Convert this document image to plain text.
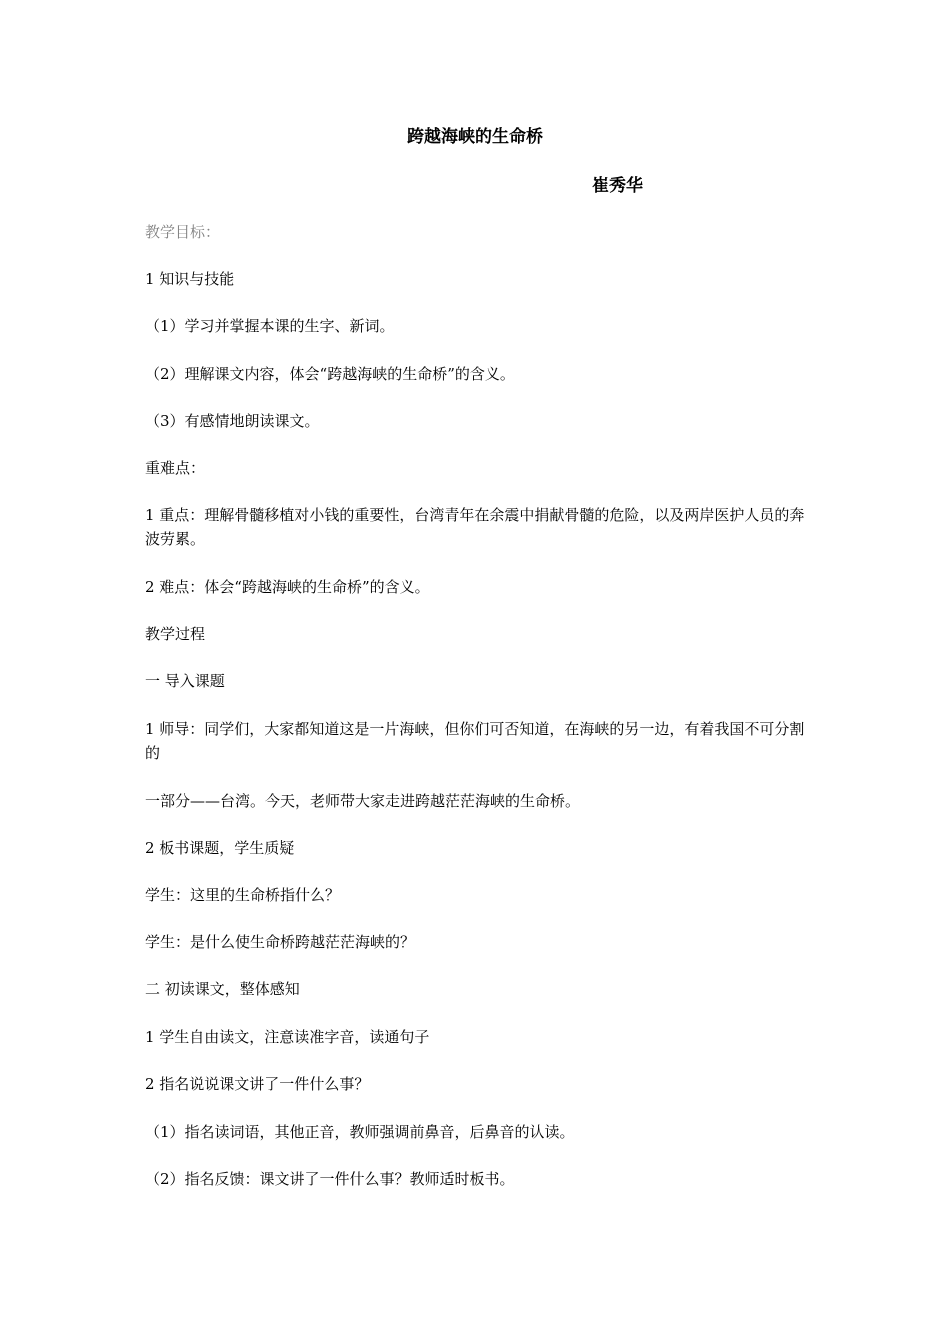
跨越海峡的生命桥
崔秀华

教学目标：

1 知识与技能

（1）学习并掌握本课的生字、新词。

（2）理解课文内容，体会“跨越海峡的生命桥”的含义。

（3）有感情地朗读课文。

重难点：

1 重点：理解骨髓移植对小钱的重要性，台湾青年在余震中捐献骨髓的危险，以及两岸医护人员的奔波劳累。

2 难点：体会“跨越海峡的生命桥”的含义。

教学过程

一 导入课题

1 师导：同学们，大家都知道这是一片海峡，但你们可否知道，在海峡的另一边，有着我国不可分割的

一部分——台湾。今天，老师带大家走进跨越茫茫海峡的生命桥。

2 板书课题，学生质疑

学生：这里的生命桥指什么？

学生：是什么使生命桥跨越茫茫海峡的？

二 初读课文，整体感知

1 学生自由读文，注意读准字音，读通句子

2 指名说说课文讲了一件什么事？

（1）指名读词语，其他正音，教师强调前鼻音，后鼻音的认读。

（2）指名反馈：课文讲了一件什么事？教师适时板书。
